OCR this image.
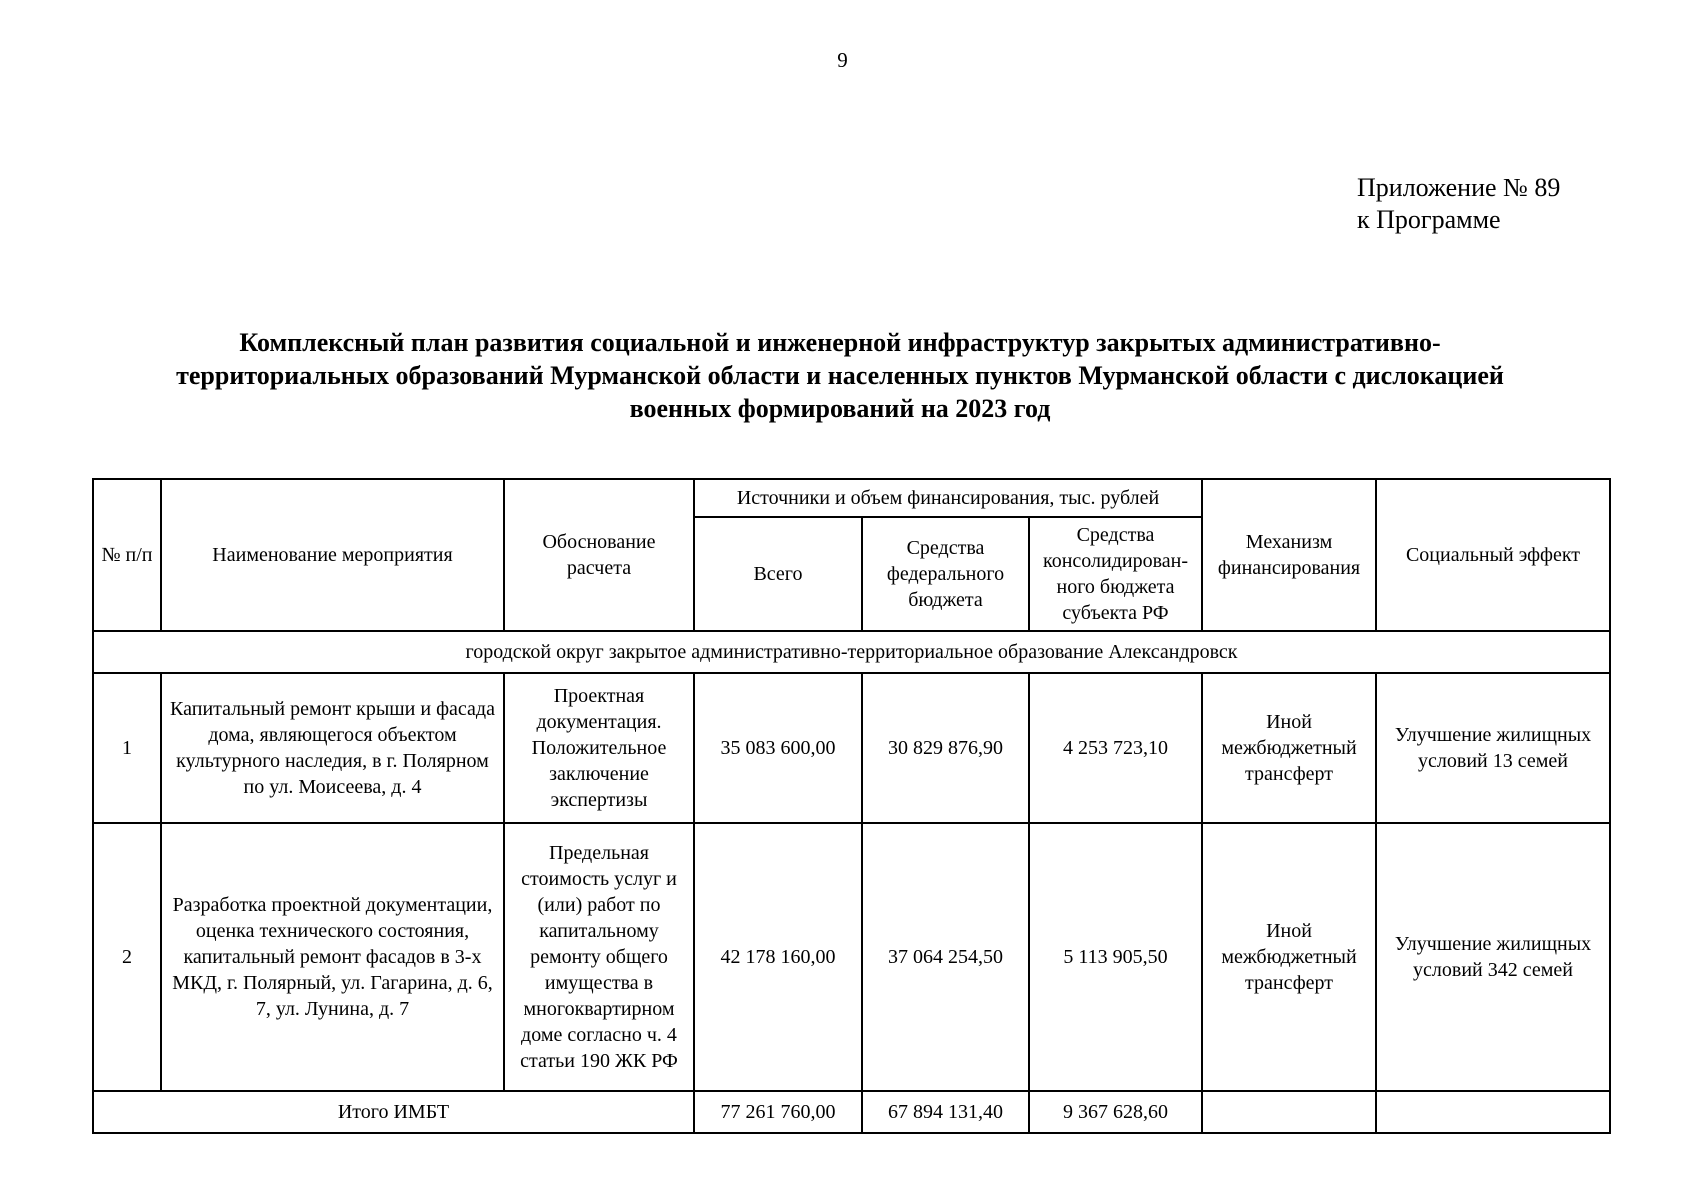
9
Приложение № 89
к Программе
Комплексный план развития социальной и инженерной инфраструктур закрытых административно-
территориальных образований Мурманской области и населенных пунктов Мурманской области с дислокацией
военных формирований на 2023 год
№ п/п	Наименование мероприятия	Обоснование расчета	Источники и объем финансирования, тыс. рублей			Механизм финансирования	Социальный эффект
			Всего	Средства федерального бюджета	Средства консолидирован-ного бюджета субъекта РФ		
городской округ закрытое административно-территориальное образование Александровск							
1	Капитальный ремонт крыши и фасада дома, являющегося объектом культурного наследия, в г. Полярном по ул. Моисеева, д. 4	Проектная документация. Положительное заключение экспертизы	35 083 600,00	30 829 876,90	4 253 723,10	Иной межбюджетный трансферт	Улучшение жилищных условий 13 семей
2	Разработка проектной документации, оценка технического состояния, капитальный ремонт фасадов в 3-х МКД, г. Полярный, ул. Гагарина, д. 6, 7, ул. Лунина, д. 7	Предельная стоимость услуг и (или) работ по капитальному ремонту общего имущества в многоквартирном доме согласно ч. 4 статьи 190 ЖК РФ	42 178 160,00	37 064 254,50	5 113 905,50	Иной межбюджетный трансферт	Улучшение жилищных условий 342 семей
Итого ИМБТ			77 261 760,00	67 894 131,40	9 367 628,60		
